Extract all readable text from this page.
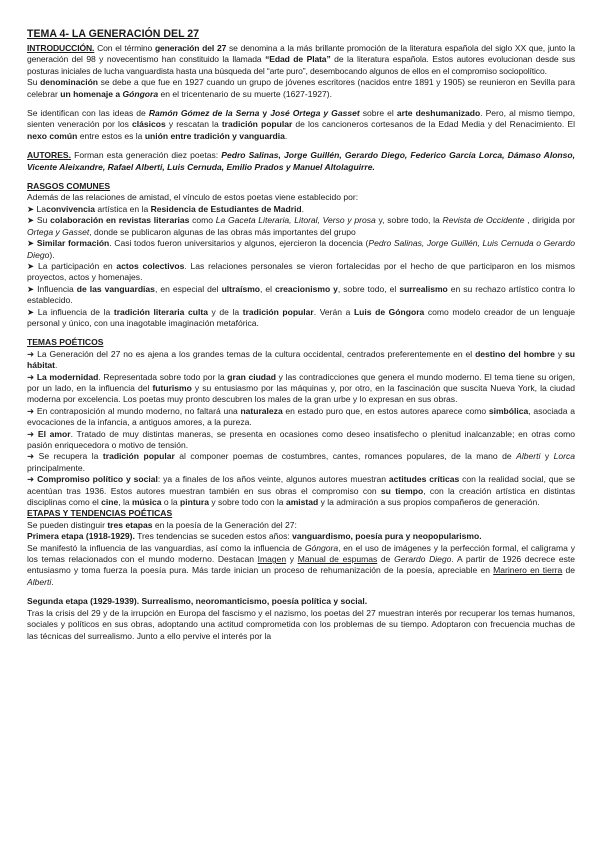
TEMA 4- LA GENERACIÓN DEL 27

INTRODUCCIÓN. Con el término generación del 27 se denomina a la más brillante promoción de la literatura española del siglo XX que, junto la generación del 98 y novecentismo han constituido la llamada “Edad de Plata” de la literatura española. Estos autores evolucionan desde sus posturas iniciales de lucha vanguardista hasta una búsqueda del “arte puro”, desembocando algunos de ellos en el compromiso sociopolítico.

Su denominación se debe a que fue en 1927 cuando un grupo de jóvenes escritores (nacidos entre 1891 y 1905) se reunieron en Sevilla para celebrar un homenaje a Góngora en el tricentenario de su muerte (1627-1927).

Se identifican con las ideas de Ramón Gómez de la Serna y José Ortega y Gasset sobre el arte deshumanizado. Pero, al mismo tiempo, sienten veneración por los clásicos y rescatan la tradición popular de los cancioneros cortesanos de la Edad Media y del Renacimiento. El nexo común entre estos es la unión entre tradición y vanguardia.

AUTORES. Forman esta generación diez poetas: Pedro Salinas, Jorge Guillén, Gerardo Diego, Federico García Lorca, Dámaso Alonso, Vicente Aleixandre, Rafael Alberti, Luis Cernuda, Emilio Prados y Manuel Altolaguirre.

RASGOS COMUNES

Además de las relaciones de amistad, el vínculo de estos poetas viene establecido por:

➤ Laconvivencia artística en la Residencia de Estudiantes de Madrid.

➤ Su colaboración en revistas literarias como La Gaceta Literaria, Litoral, Verso y prosa y, sobre todo, la Revista de Occidente , dirigida por Ortega y Gasset, donde se publicaron algunas de las obras más importantes del grupo

➤ Similar formación. Casi todos fueron universitarios y algunos, ejercieron la docencia (Pedro Salinas, Jorge Guillén, Luis Cernuda o Gerardo Diego).

➤ La participación en actos colectivos. Las relaciones personales se vieron fortalecidas por el hecho de que participaron en los mismos proyectos, actos y homenajes.

➤ Influencia de las vanguardias, en especial del ultraísmo, el creacionismo y, sobre todo, el surrealismo en su rechazo artístico contra lo establecido.

➤ La influencia de la tradición literaria culta y de la tradición popular. Verán a Luis de Góngora como modelo creador de un lenguaje personal y único, con una inagotable imaginación metafórica.

TEMAS POÉTICOS

➜ La Generación del 27 no es ajena a los grandes temas de la cultura occidental, centrados preferentemente en el destino del hombre y su hábitat.

➜ La modernidad. Representada sobre todo por la gran ciudad y las contradicciones que genera el mundo moderno. El tema tiene su origen, por un lado, en la influencia del futurismo y su entusiasmo por las máquinas y, por otro, en la fascinación que suscita Nueva York, la ciudad moderna por excelencia. Los poetas muy pronto descubren los males de la gran urbe y lo expresan en sus obras.

➜ En contraposición al mundo moderno, no faltará una naturaleza en estado puro que, en estos autores aparece como simbólica, asociada a evocaciones de la infancia, a antiguos amores, a la pureza.

➜ El amor. Tratado de muy distintas maneras, se presenta en ocasiones como deseo insatisfecho o plenitud inalcanzable; en otras como pasión enriquecedora o motivo de tensión.

➜ Se recupera la tradición popular al componer poemas de costumbres, cantes, romances populares, de la mano de Alberti y Lorca principalmente.

➜ Compromiso político y social: ya a finales de los años veinte, algunos autores muestran actitudes críticas con la realidad social, que se acentúan tras 1936. Estos autores muestran también en sus obras el compromiso con su tiempo, con la creación artística en distintas disciplinas como el cine, la música o la pintura y sobre todo con la amistad y la admiración a sus propios compañeros de generación.

ETAPAS Y TENDENCIAS POÉTICAS

Se pueden distinguir tres etapas en la poesía de la Generación del 27:

Primera etapa (1918-1929). Tres tendencias se suceden estos años: vanguardismo, poesía pura y neopopularismo.

Se manifestó la influencia de las vanguardias, así como la influencia de Góngora, en el uso de imágenes y la perfección formal, el caligrama y los temas relacionados con el mundo moderno. Destacan Imagen y Manual de espumas de Gerardo Diego. A partir de 1926 decrece este entusiasmo y toma fuerza la poesía pura. Más tarde inician un proceso de rehumanización de la poesía, apreciable en Marinero en tierra de Alberti.

Segunda etapa (1929-1939). Surrealismo, neoromanticismo, poesía política y social.

Tras la crisis del 29 y de la irrupción en Europa del fascismo y el nazismo, los poetas del 27 muestran interés por recuperar los temas humanos, sociales y políticos en sus obras, adoptando una actitud comprometida con los problemas de su tiempo. Adoptaron con frecuencia muchas de las técnicas del surrealismo. Junto a ello pervive el interés por la
